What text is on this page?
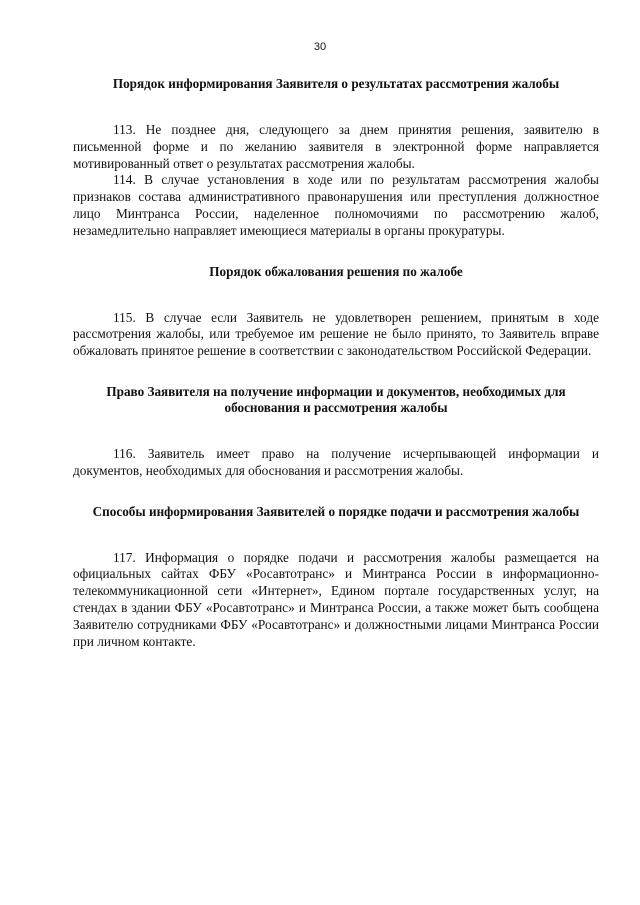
30
Порядок информирования Заявителя о результатах рассмотрения жалобы

113. Не позднее дня, следующего за днем принятия решения, заявителю в письменной форме и по желанию заявителя в электронной форме направляется мотивированный ответ о результатах рассмотрения жалобы.

114. В случае установления в ходе или по результатам рассмотрения жалобы признаков состава административного правонарушения или преступления должностное лицо Минтранса России, наделенное полномочиями по рассмотрению жалоб, незамедлительно направляет имеющиеся материалы в органы прокуратуры.

Порядок обжалования решения по жалобе

115. В случае если Заявитель не удовлетворен решением, принятым в ходе рассмотрения жалобы, или требуемое им решение не было принято, то Заявитель вправе обжаловать принятое решение в соответствии с законодательством Российской Федерации.

Право Заявителя на получение информации и документов, необходимых для обоснования и рассмотрения жалобы

116. Заявитель имеет право на получение исчерпывающей информации и документов, необходимых для обоснования и рассмотрения жалобы.

Способы информирования Заявителей о порядке подачи и рассмотрения жалобы

117. Информация о порядке подачи и рассмотрения жалобы размещается на официальных сайтах ФБУ «Росавтотранс» и Минтранса России в информационно-телекоммуникационной сети «Интернет», Едином портале государственных услуг, на стендах в здании ФБУ «Росавтотранс» и Минтранса России, а также может быть сообщена Заявителю сотрудниками ФБУ «Росавтотранс» и должностными лицами Минтранса России при личном контакте.
